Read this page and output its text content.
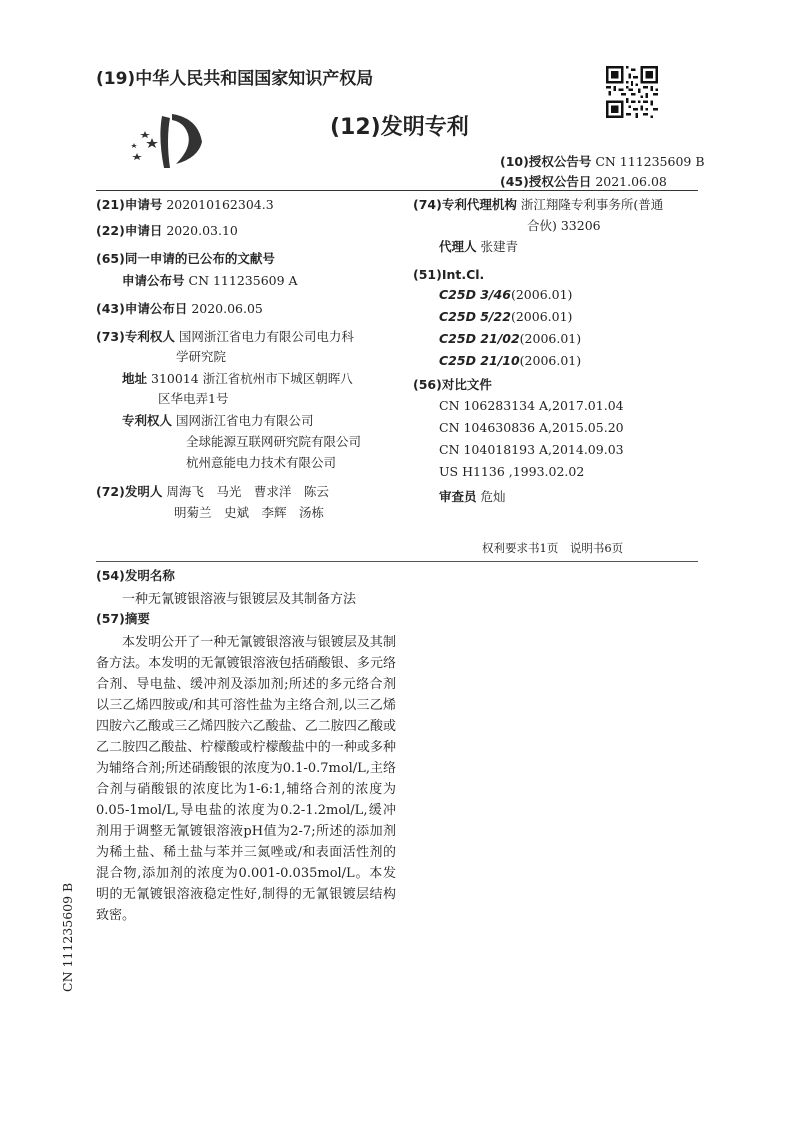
(19)中华人民共和国国家知识产权局
(12)发明专利
(10)授权公告号 CN 111235609 B
(45)授权公告日 2021.06.08
(21)申请号 202010162304.3
(22)申请日 2020.03.10
(65)同一申请的已公布的文献号
申请公布号 CN 111235609 A
(43)申请公布日 2020.06.05
(73)专利权人 国网浙江省电力有限公司电力科
学研究院
地址 310014 浙江省杭州市下城区朝晖八
区华电弄1号
专利权人 国网浙江省电力有限公司
全球能源互联网研究院有限公司
杭州意能电力技术有限公司
(72)发明人 周海飞　马光　曹求洋　陈云
明菊兰　史斌　李辉　汤栋
(74)专利代理机构 浙江翔隆专利事务所(普通
合伙) 33206
代理人 张建青
(51)Int.Cl.
C25D 3/46(2006.01)
C25D 5/22(2006.01)
C25D 21/02(2006.01)
C25D 21/10(2006.01)
(56)对比文件
CN 106283134 A,2017.01.04
CN 104630836 A,2015.05.20
CN 104018193 A,2014.09.03
US H1136 ,1993.02.02
审查员 危灿
权利要求书1页　说明书6页
(54)发明名称
一种无氰镀银溶液与银镀层及其制备方法
(57)摘要
本发明公开了一种无氰镀银溶液与银镀层及其制备方法。本发明的无氰镀银溶液包括硝酸银、多元络合剂、导电盐、缓冲剂及添加剂;所述的多元络合剂以三乙烯四胺或/和其可溶性盐为主络合剂,以三乙烯四胺六乙酸或三乙烯四胺六乙酸盐、乙二胺四乙酸或乙二胺四乙酸盐、柠檬酸或柠檬酸盐中的一种或多种为辅络合剂;所述硝酸银的浓度为0.1-0.7mol/L,主络合剂与硝酸银的浓度比为1-6:1,辅络合剂的浓度为0.05-1mol/L,导电盐的浓度为0.2-1.2mol/L,缓冲剂用于调整无氰镀银溶液pH值为2-7;所述的添加剂为稀土盐、稀土盐与苯并三氮唑或/和表面活性剂的混合物,添加剂的浓度为0.001-0.035mol/L。本发明的无氰镀银溶液稳定性好,制得的无氰银镀层结构致密。
CN 111235609 B
